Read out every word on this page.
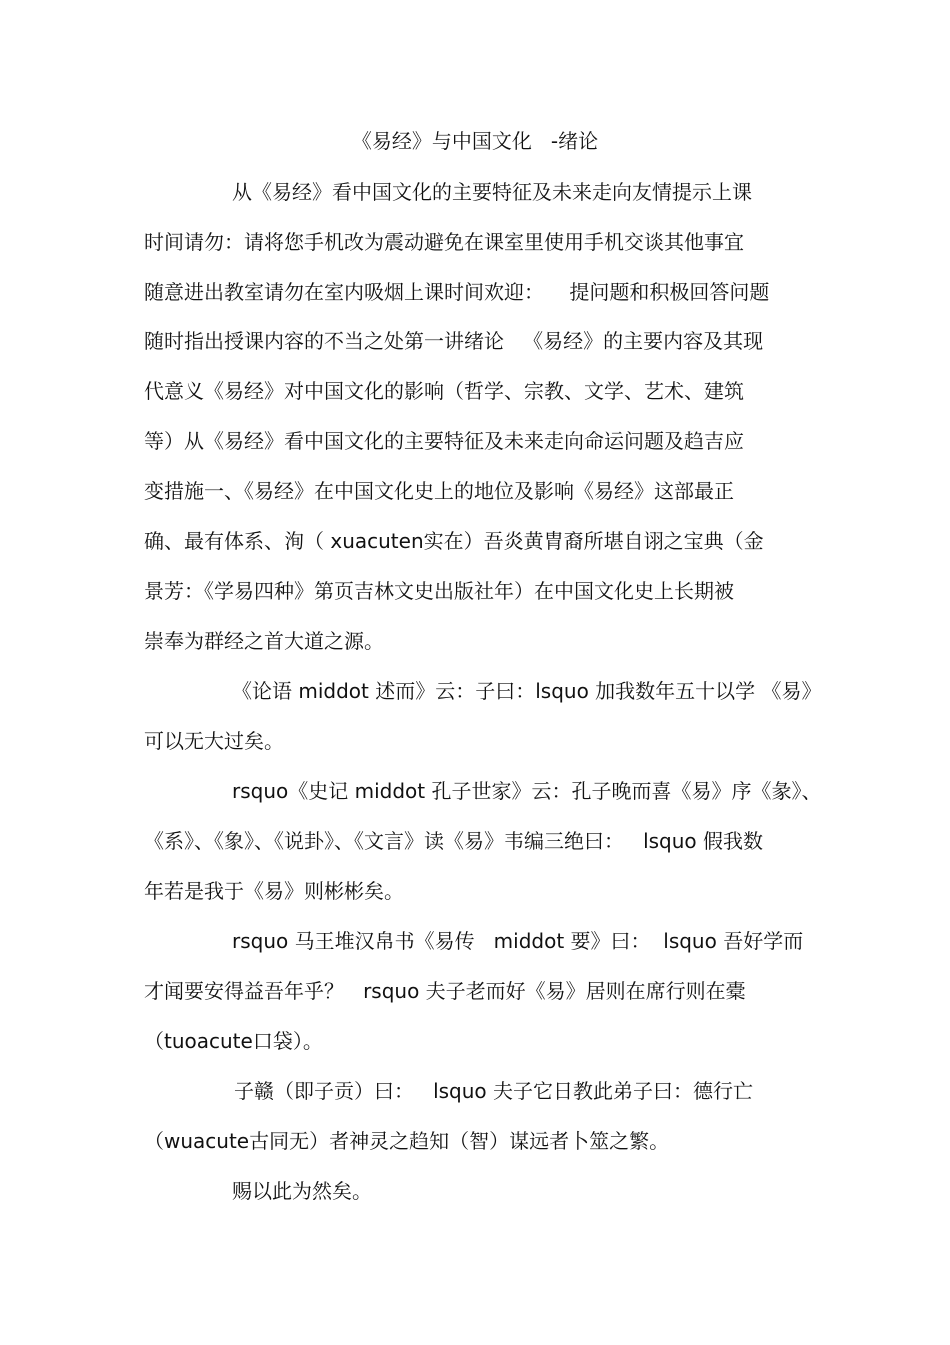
《易经》与中国文化   -绪论
从《易经》看中国文化的主要特征及未来走向友情提示上课
时间请勿：请将您手机改为震动避免在课室里使用手机交谈其他事宜
随意进出教室请勿在室内吸烟上课时间欢迎：    提问题和积极回答问题
随时指出授课内容的不当之处第一讲绪论   《易经》的主要内容及其现
代意义《易经》对中国文化的影响（哲学、宗教、文学、艺术、建筑
等）从《易经》看中国文化的主要特征及未来走向命运问题及趋吉应
变措施一、《易经》在中国文化史上的地位及影响《易经》这部最正
确、最有体系、洵（ xuacuten实在）吾炎黄胄裔所堪自诩之宝典（金
景芳：《学易四种》第页吉林文史出版社年）在中国文化史上长期被
崇奉为群经之首大道之源。
《论语 middot 述而》云：子曰：lsquo 加我数年五十以学 《易》
可以无大过矣。
rsquo《史记 middot 孔子世家》云：孔子晚而喜《易》序《彖》、
《系》、《象》、《说卦》、《文言》读《易》韦编三绝曰：   lsquo 假我数
年若是我于《易》则彬彬矣。
rsquo 马王堆汉帛书《易传   middot 要》曰：  lsquo 吾好学而
才闻要安得益吾年乎？   rsquo 夫子老而好《易》居则在席行则在橐
（tuoacute口袋）。
子赣（即子贡）曰：   lsquo 夫子它日教此弟子曰：德行亡
（wuacute古同无）者神灵之趋知（智）谋远者卜筮之繁。
赐以此为然矣。
